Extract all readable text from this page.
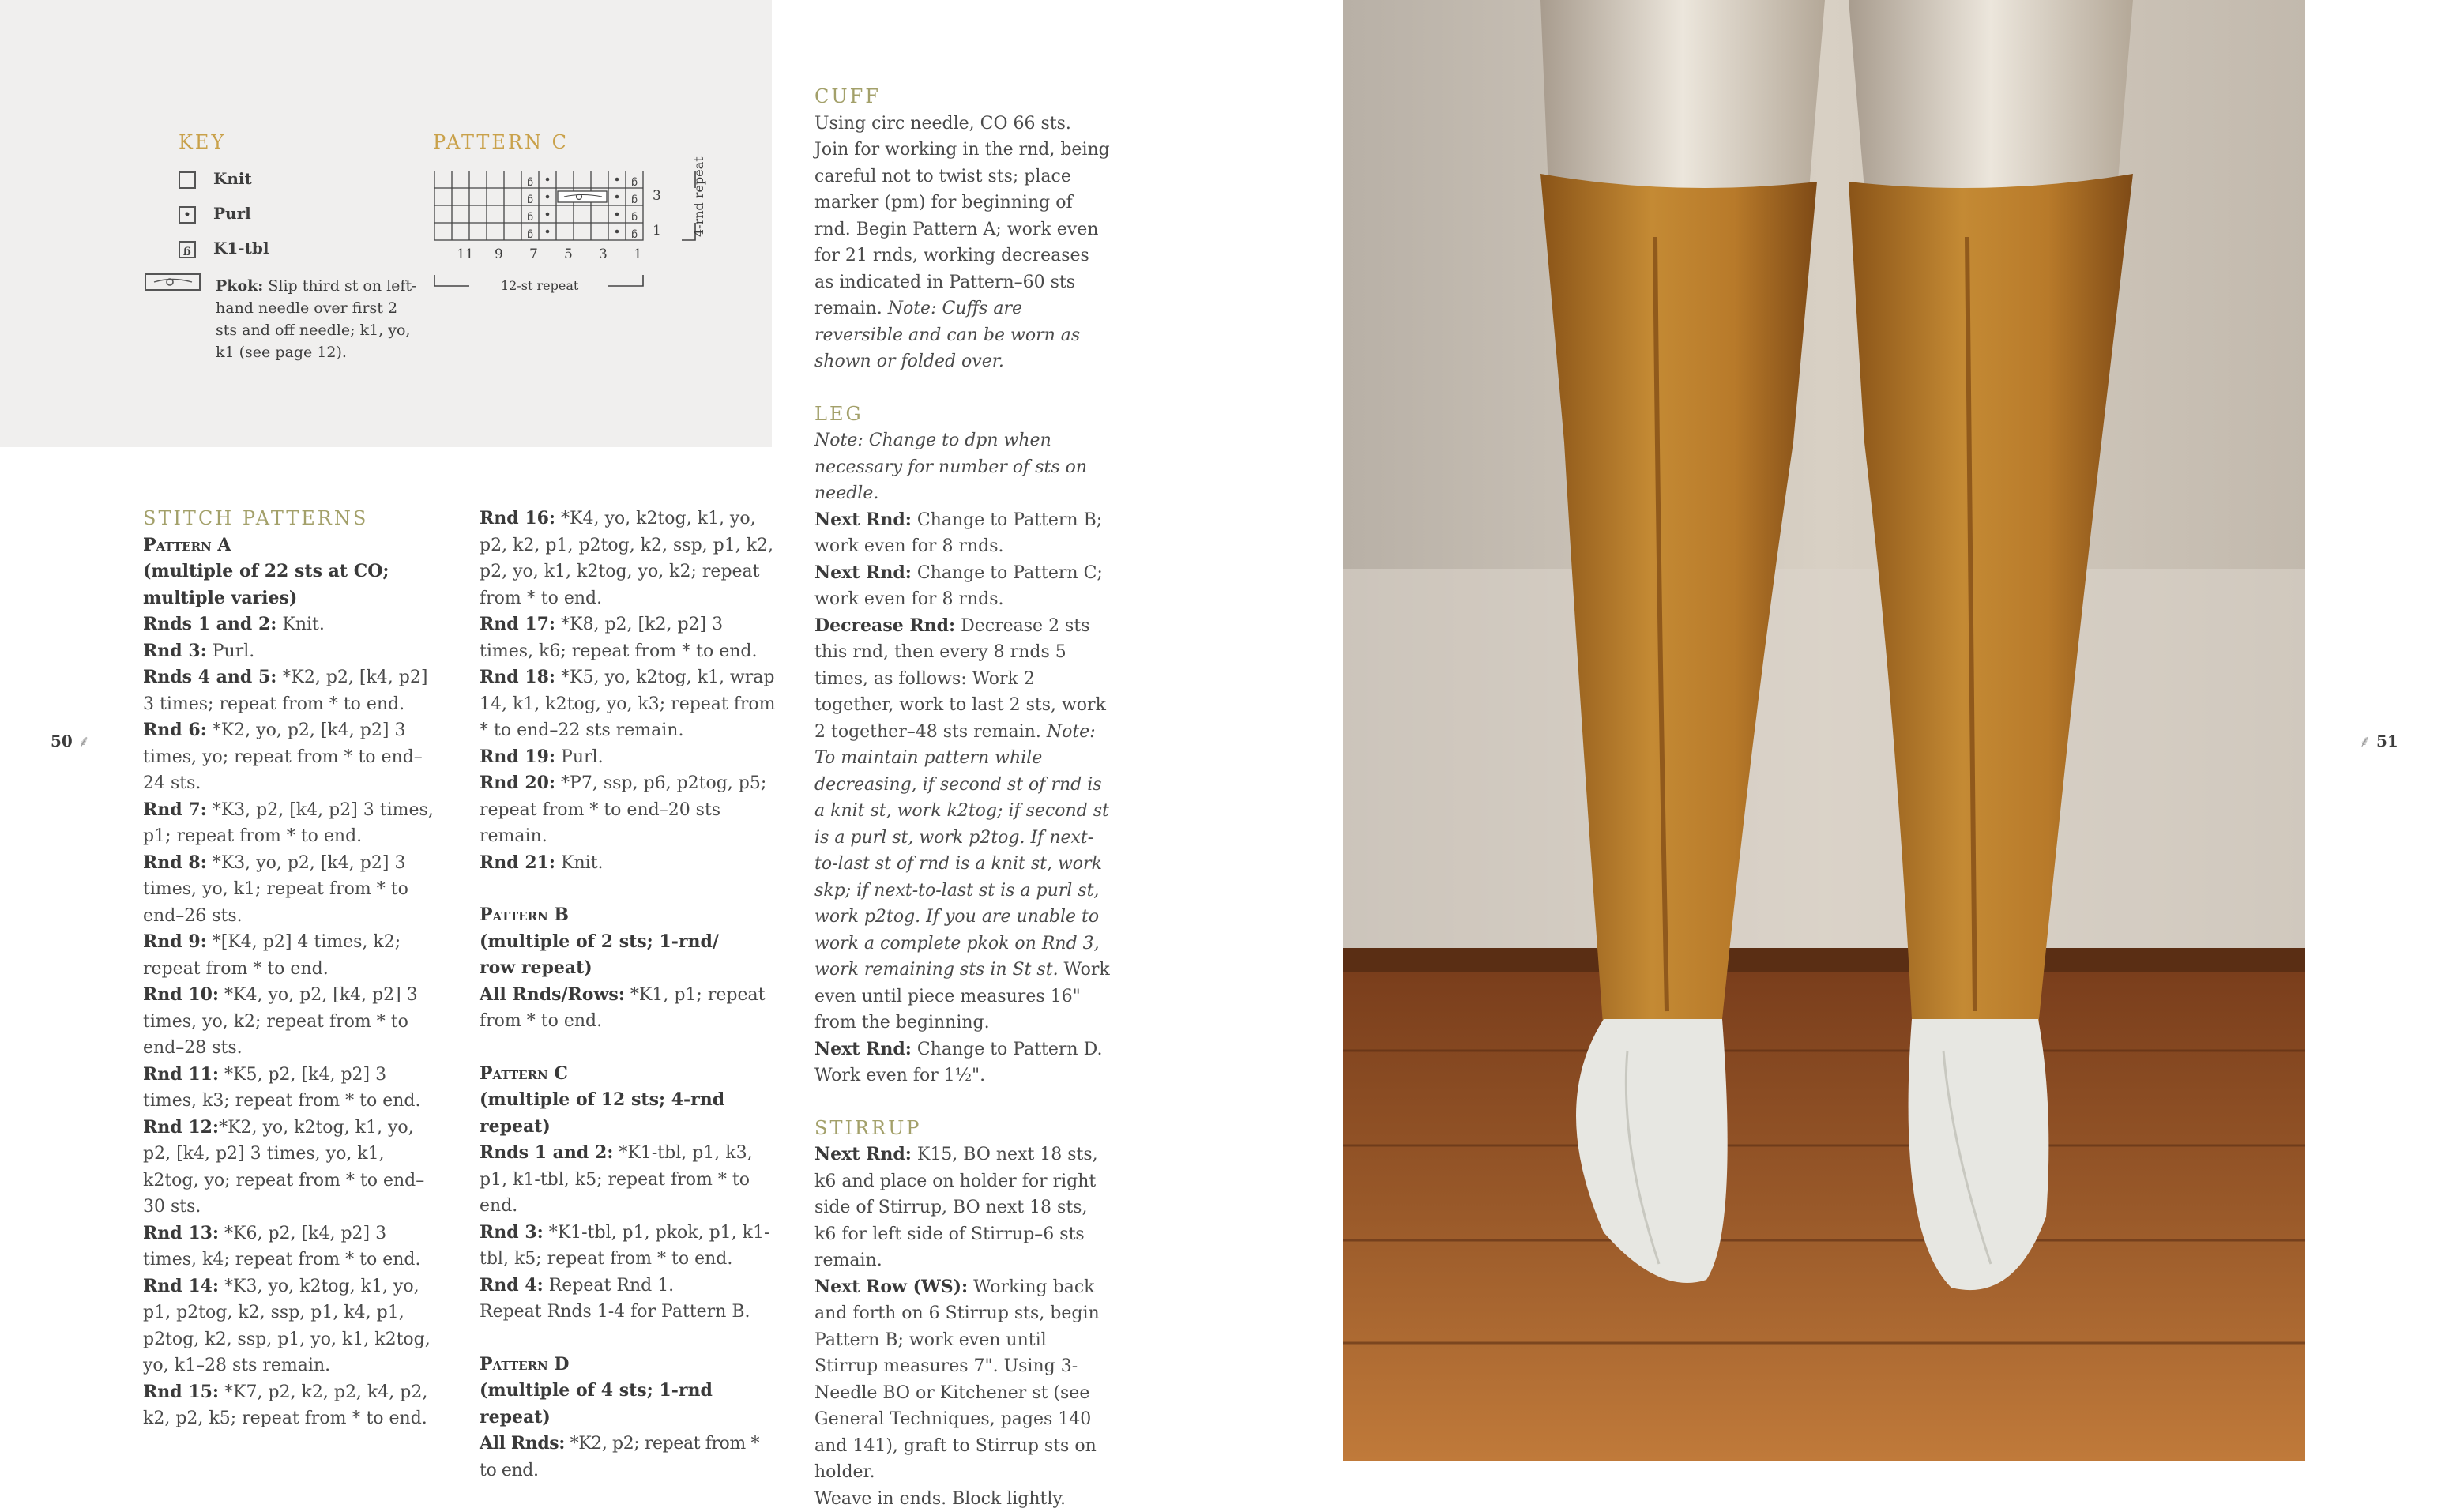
KEY
Knit
• Purl
ᵷ K1-tbl
Pkok: Slip third st on left-hand needle over first 2 sts and off needle; k1, yo, k1 (see page 12).
PATTERN C
ᵷ
ᵷ
ᵷ
ᵷ
ᵷ
ᵷ
ᵷ
ᵷ
11 9 7 5 3 1
3
1 4-rnd repeat
12-st repeat

STITCH PATTERNS

Pattern A

(multiple of 22 sts at CO;

multiple varies)

Rnds 1 and 2: Knit.

Rnd 3: Purl.

Rnds 4 and 5: *K2, p2, [k4, p2] 3 times; repeat from * to end.

Rnd 6: *K2, yo, p2, [k4, p2] 3 times, yo; repeat from * to end–24 sts.

Rnd 7: *K3, p2, [k4, p2] 3 times, p1; repeat from * to end.

Rnd 8: *K3, yo, p2, [k4, p2] 3 times, yo, k1; repeat from * to end–26 sts.

Rnd 9: *[K4, p2] 4 times, k2; repeat from * to end.

Rnd 10: *K4, yo, p2, [k4, p2] 3 times, yo, k2; repeat from * to end–28 sts.

Rnd 11: *K5, p2, [k4, p2] 3 times, k3; repeat from * to end.

Rnd 12:*K2, yo, k2tog, k1, yo, p2, [k4, p2] 3 times, yo, k1, k2tog, yo; repeat from * to end– 30 sts.

Rnd 13: *K6, p2, [k4, p2] 3 times, k4; repeat from * to end.

Rnd 14: *K3, yo, k2tog, k1, yo, p1, p2tog, k2, ssp, p1, k4, p1, p2tog, k2, ssp, p1, yo, k1, k2tog, yo, k1–28 sts remain.

Rnd 15: *K7, p2, k2, p2, k4, p2, k2, p2, k5; repeat from * to end.

Rnd 16: *K4, yo, k2tog, k1, yo, p2, k2, p1, p2tog, k2, ssp, p1, k2, p2, yo, k1, k2tog, yo, k2; repeat from * to end.

Rnd 17: *K8, p2, [k2, p2] 3 times, k6; repeat from * to end.

Rnd 18: *K5, yo, k2tog, k1, wrap 14, k1, k2tog, yo, k3; repeat from * to end–22 sts remain.

Rnd 19: Purl.

Rnd 20: *P7, ssp, p6, p2tog, p5; repeat from * to end–20 sts remain.

Rnd 21: Knit.

Pattern B

(multiple of 2 sts; 1-rnd/

row repeat)

All Rnds/Rows: *K1, p1; repeat from * to end.

Pattern C

(multiple of 12 sts; 4-rnd repeat)

Rnds 1 and 2: *K1-tbl, p1, k3, p1, k1-tbl, k5; repeat from * to end.

Rnd 3: *K1-tbl, p1, pkok, p1, k1-tbl, k5; repeat from * to end.

Rnd 4: Repeat Rnd 1.

Repeat Rnds 1-4 for Pattern B.

Pattern D

(multiple of 4 sts; 1-rnd repeat)

All Rnds: *K2, p2; repeat from * to end.

CUFF

Using circ needle, CO 66 sts. Join for working in the rnd, being careful not to twist sts; place marker (pm) for beginning of rnd. Begin Pattern A; work even for 21 rnds, working decreases as indicated in Pattern–60 sts remain. Note: Cuffs are reversible and can be worn as shown or folded over.

LEG

Note: Change to dpn when necessary for number of sts on needle.

Next Rnd: Change to Pattern B; work even for 8 rnds.

Next Rnd: Change to Pattern C; work even for 8 rnds.

Decrease Rnd: Decrease 2 sts this rnd, then every 8 rnds 5 times, as follows: Work 2 together, work to last 2 sts, work 2 together–48 sts remain. Note: To maintain pattern while decreasing, if second st of rnd is a knit st, work k2tog; if second st is a purl st, work p2tog. If next-to-last st of rnd is a knit st, work skp; if next-to-last st is a purl st, work p2tog. If you are unable to work a complete pkok on Rnd 3, work remaining sts in St st. Work even until piece measures 16" from the beginning.

Next Rnd: Change to Pattern D. Work even for 1½".

STIRRUP

Next Rnd: K15, BO next 18 sts, k6 and place on holder for right side of Stirrup, BO next 18 sts, k6 for left side of Stirrup–6 sts remain.

Next Row (WS): Working back and forth on 6 Stirrup sts, begin Pattern B; work even until Stirrup measures 7". Using 3-Needle BO or Kitchener st (see General Techniques, pages 140 and 141), graft to Stirrup sts on holder.

Weave in ends. Block lightly.

50 ⸙	⸙ 51
